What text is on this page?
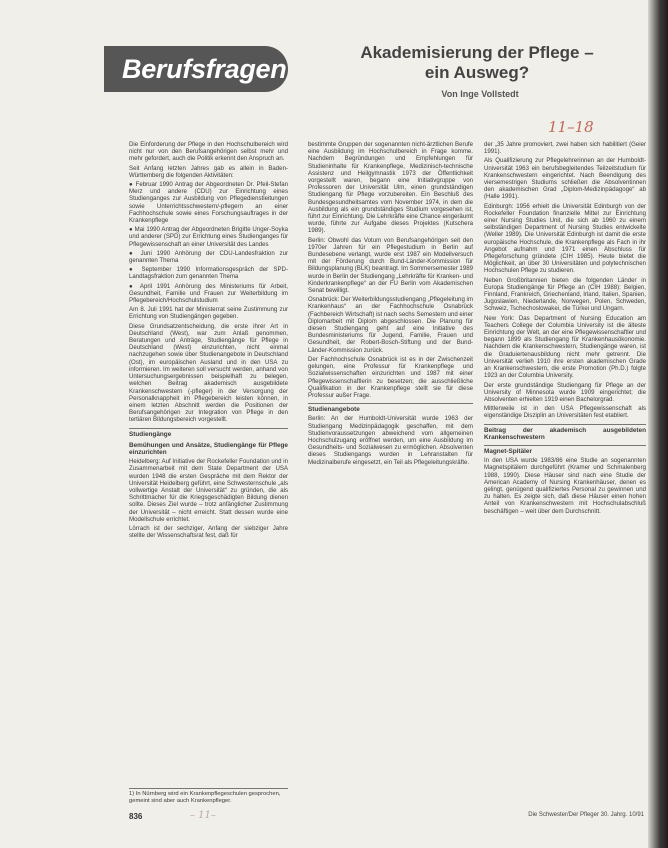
Berufsfragen
Akademisierung der Pflege – ein Ausweg?
Von Inge Vollstedt
11–18

Die Einforderung der Pflege in den Hochschulbereich wird nicht nur von den Berufsangehörigen selbst mehr und mehr gefordert, auch die Politik erkennt den Anspruch an.

Seit Anfang letzten Jahres gab es allein in Baden-Württemberg die folgenden Aktivitäten:

● Februar 1990 Antrag der Abgeordneten Dr. Pfeil-Stefan Merz und andere (CDU) zur Einrichtung eines Studienganges zur Ausbildung von Pflegedienstleitungen sowie Unterrichtsschwestern/-pflegern an einer Fachhochschule sowie eines Forschungsauftrages in der Krankenpflege

● Mai 1990 Antrag der Abgeordneten Brigitte Unger-Soyka und anderer (SPD) zur Errichtung eines Studienganges für Pflegewissenschaft an einer Universität des Landes

● Juni 1990 Anhörung der CDU-Landesfraktion zur genannten Thema

● September 1990 Informationsgespräch der SPD-Landtagsfraktion zum genannten Thema

● April 1991 Anhörung des Ministeriums für Arbeit, Gesundheit, Familie und Frauen zur Weiterbildung im Pflegebereich/Hochschulstudium

Am 8. Juli 1991 hat der Ministerrat seine Zustimmung zur Errichtung von Studiengängen gegeben.

Diese Grundsatzentscheidung, die erste ihrer Art in Deutschland (West), war zum Anlaß genommen, Beratungen und Anträge, Studiengänge für Pflege in Deutschland (West) einzurichten, nicht einmal nachzugehen sowie über Studienangebote in Deutschland (Ost), im europäischen Ausland und in den USA zu informieren. Im weiteren soll versucht werden, anhand von Untersuchungsergebnissen beispielhaft zu belegen, welchen Beitrag akademisch ausgebildete Krankenschwestern (-pfleger) in der Versorgung der Personalknappheit im Pflegebereich leisten können, in einem letzten Abschnitt werden die Positionen der Berufsangehörigen zur Integration von Pflege in den tertiären Bildungsbereich vorgestellt.

Studiengänge
Bemühungen und Ansätze, Studiengänge für Pflege einzurichten

Heidelberg: Auf Initiative der Rockefeller Foundation und in Zusammenarbeit mit dem State Department der USA wurden 1948 die ersten Gespräche mit dem Rektor der Universität Heidelberg geführt, eine Schwesternschule „als vollwertige Anstalt der Universität“ zu gründen, die als Schrittmacher für die Kriegsgeschädigten Bildung dienen sollte. Dieses Ziel wurde – trotz anfänglicher Zustimmung der Universität – nicht erreicht. Statt dessen wurde eine Modellschule errichtet.

Lörrach ist der sechziger, Anfang der siebziger Jahre stellte der Wissenschaftsrat fest, daß für

1) In Nürnberg wird ein Krankenpflegeschulen gesprochen, gemeint sind aber auch Krankenpfleger.

bestimmte Gruppen der sogenannten nicht-ärztlichen Berufe eine Ausbildung im Hochschulbereich in Frage komme. Nachdem Begründungen und Empfehlungen für Studieninhalte für Krankenpflege, Medizinisch-technische Assistenz und Heilgymnastik 1973 der Öffentlichkeit vorgestellt waren, begann eine Initiativgruppe von Professoren der Universität Ulm, einen grundständigen Studiengang für Pflege vorzubereiten. Ein Beschluß des Bundesgesundheitsamtes vom November 1974, in dem die Ausbildung als ein grundständiges Studium vorgesehen ist, führt zur Einrichtung. Die Lehrkräfte eine Chance eingeräumt wurde, führte zur Aufgabe dieses Projektes (Kutschera 1989).

Berlin: Obwohl das Votum von Berufsangehörigen seit den 1970er Jahren für ein Pflegestudium in Berlin auf Bundesebene verlangt, wurde erst 1987 ein Modellversuch mit der Förderung durch Bund-Länder-Kommission für Bildungsplanung (BLK) beantragt. Im Sommersemester 1989 wurde in Berlin der Studiengang „Lehrkräfte für Kranken- und Kinderkrankenpflege“ an der FU Berlin vom Akademischen Senat bewilligt.

Osnabrück: Der Weiterbildungsstudiengang „Pflegeleitung im Krankenhaus“ an der Fachhochschule Osnabrück (Fachbereich Wirtschaft) ist nach sechs Semestern und einer Diplomarbeit mit Diplom abgeschlossen. Die Planung für diesen Studiengang geht auf eine Initiative des Bundesministeriums für Jugend, Familie, Frauen und Gesundheit, der Robert-Bosch-Stiftung und der Bund-Länder-Kommission zurück.

Der Fachhochschule Osnabrück ist es in der Zwischenzeit gelungen, eine Professur für Krankenpflege und Sozialwissenschaften einzurichten und 1987 mit einer Pflegewissenschaftlerin zu besetzen; die ausschließliche Qualifikation in der Krankenpflege stellt sie für diese Professur außer Frage.

Studienangebote

Berlin: An der Humboldt-Universität wurde 1963 der Studiengang Medizinpädagogik geschaffen, mit dem Studienvoraussetzungen abweichend vom allgemeinen Hochschulzugang eröffnet werden, um eine Ausbildung im Gesundheits- und Sozialwesen zu ermöglichen. Absolventen dieses Studiengangs wurden in Lehranstalten für Medizinalberufe eingesetzt, ein Teil als Pflegeleitungskräfte.

der „35 Jahre promoviert, zwei haben sich habilitiert (Geier 1991).

Als Qualifizierung zur Pflegelehrerinnen an der Humboldt-Universität 1963 ein berufsbegleitendes Teilzeitstudium für Krankenschwestern eingerichtet. Nach Beendigung des viersemestrigen Studiums schließen die Absolventinnen den akademischen Grad „Diplom-Medizinpädagoge“ ab (Halle 1991).

Edinburgh: 1956 erhielt die Universität Edinburgh von der Rockefeller Foundation finanzielle Mittel zur Einrichtung einer Nursing Studies Unit, die sich ab 1960 zu einem selbständigen Department of Nursing Studies entwickelte (Weller 1989). Die Universität Edinburgh ist damit die erste europäische Hochschule, die Krankenpflege als Fach in ihr Angebot aufnahm und 1971 einen Abschluss für Pflegeforschung gründete (CIH 1985). Heute bietet die Möglichkeit, an über 30 Universitäten und polytechnischen Hochschulen Pflege zu studieren.

Neben Großbritannien bieten die folgenden Länder in Europa Studiengänge für Pflege an (CIH 1988): Belgien, Finnland, Frankreich, Griechenland, Irland, Italien, Spanien, Jugoslawien, Niederlande, Norwegen, Polen, Schweden, Schweiz, Tschechoslowakei, die Türkei und Ungarn.

New York: Das Department of Nursing Education am Teachers College der Columbia University ist die älteste Einrichtung der Welt, an der eine Pflegewissenschaftler und begann 1899 als Studiengang für Krankenhausökonomie. Nachdem die Krankenschwestern, Studiengänge waren, ist die Graduiertenausbildung nicht mehr getrennt. Die Universität verlieh 1910 ihre ersten akademischen Grade an Krankenschwestern, die erste Promotion (Ph.D.) folgte 1923 an der Columbia University.

Der erste grundständige Studiengang für Pflege an der University of Minnesota wurde 1909 eingerichtet; die Absolventen erhielten 1919 einen Bachelorgrad.

Mittlerweile ist in den USA Pflegewissenschaft als eigenständige Disziplin an Universitäten fest etabliert.

Beitrag der akademisch ausgebildeten Krankenschwestern
Magnet-Spitäler

In den USA wurde 1983/86 eine Studie an sogenannten Magnetspitälern durchgeführt (Kramer und Schmalenberg 1988, 1990). Diese Häuser sind nach eine Studie der American Academy of Nursing Krankenhäuser, denen es gelingt, genügend qualifiziertes Personal zu gewinnen und zu halten. Es zeigte sich, daß diese Häuser einen hohen Anteil von Krankenschwestern mit Hochschulabschluß beschäftigen – weit über dem Durchschnitt.

836	– 11–	Die Schwester/Der Pfleger 30. Jahrg. 10/91
